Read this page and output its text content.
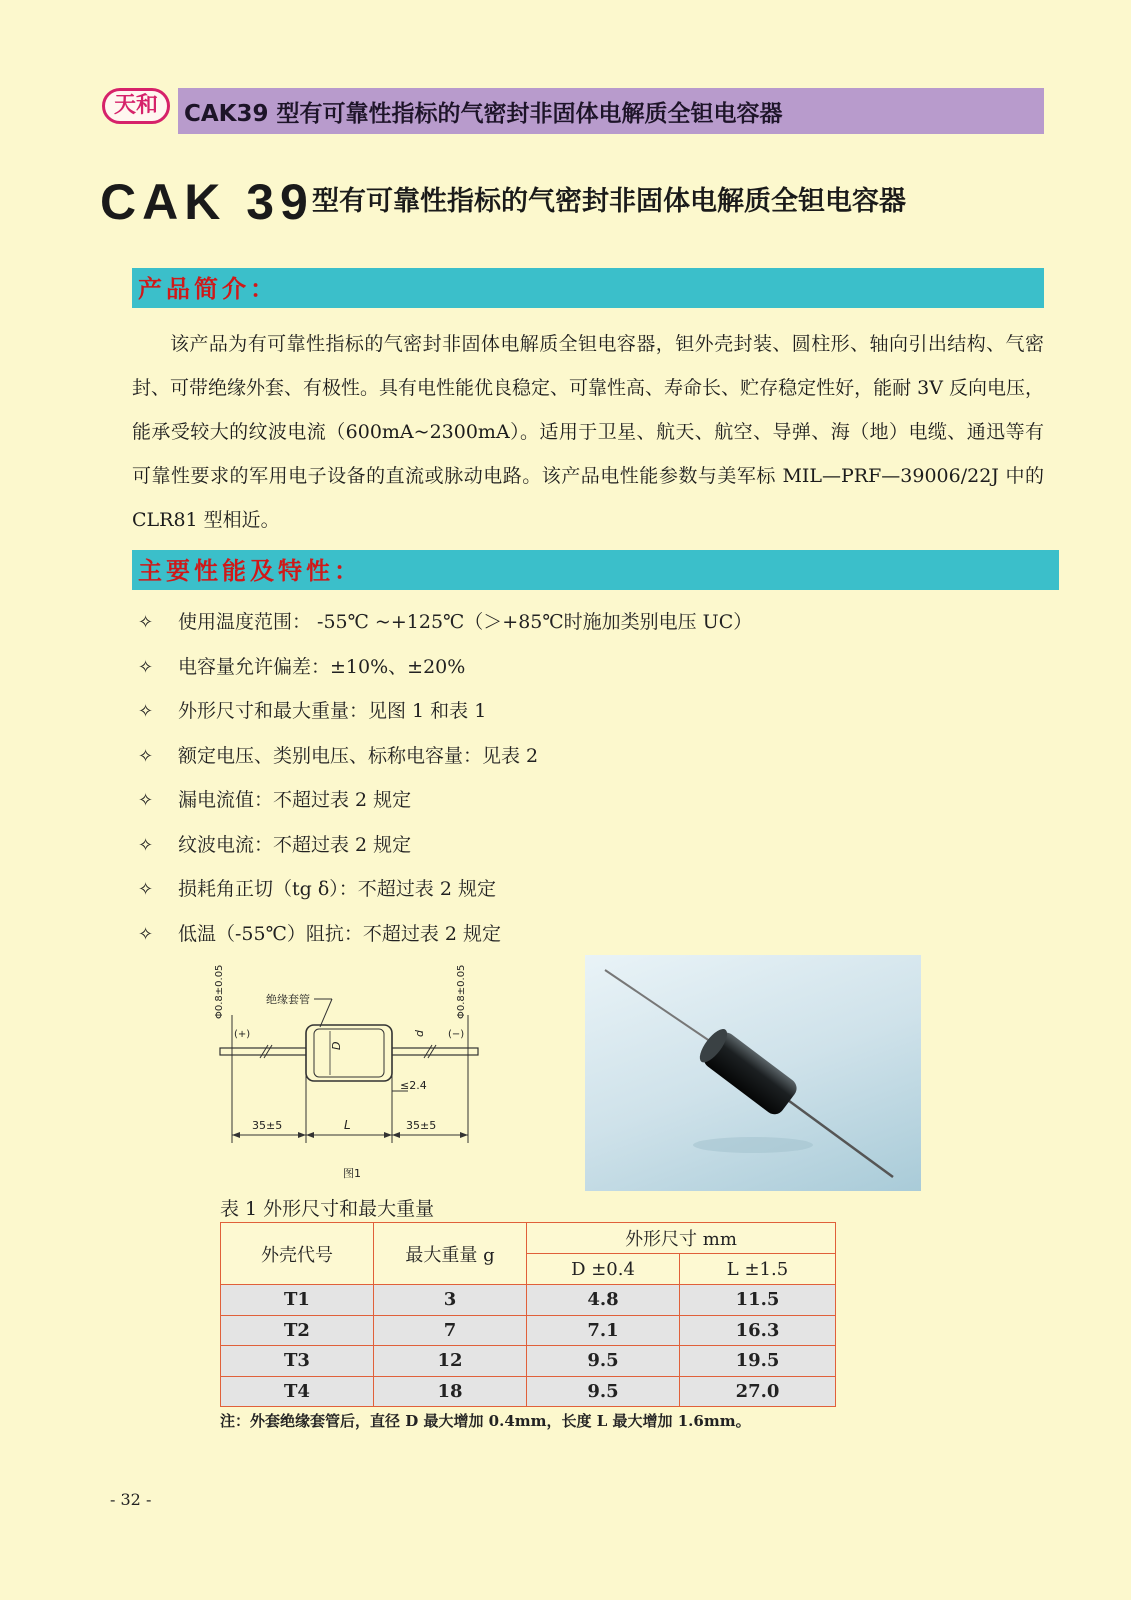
天和	CAK39 型有可靠性指标的气密封非固体电解质全钽电容器
CAK 39
型有可靠性指标的气密封非固体电解质全钽电容器
产品简介：
该产品为有可靠性指标的气密封非固体电解质全钽电容器，钽外壳封装、圆柱形、轴向引出结构、气密封、可带绝缘外套、有极性。具有电性能优良稳定、可靠性高、寿命长、贮存稳定性好，能耐 3V 反向电压，能承受较大的纹波电流（600mA~2300mA）。适用于卫星、航天、航空、导弹、海（地）电缆、通迅等有可靠性要求的军用电子设备的直流或脉动电路。该产品电性能参数与美军标 MIL—PRF—39006/22J 中的 CLR81 型相近。
主要性能及特性：
✧ 使用温度范围： -55℃ ~+125℃（＞+85℃时施加类别电压 UC）
✧ 电容量允许偏差：±10%、±20%
✧ 外形尺寸和最大重量：见图 1 和表 1
✧ 额定电压、类别电压、标称电容量：见表 2
✧ 漏电流值：不超过表 2 规定
✧ 纹波电流：不超过表 2 规定
✧ 损耗角正切（tg δ）：不超过表 2 规定
✧ 低温（-55℃）阻抗：不超过表 2 规定
D
d
Φ0.8±0.05	Φ0.8±0.05
(+)	(−)
绝缘套管
≤2.4
35±5	L	35±5
图1
表 1 外形尺寸和最大重量
外壳代号	最大重量 g	外形尺寸 mm	
		D ±0.4	L ±1.5
T1	3	4.8	11.5
T2	7	7.1	16.3
T3	12	9.5	19.5
T4	18	9.5	27.0
注：外套绝缘套管后，直径 D 最大增加 0.4mm，长度 L 最大增加 1.6mm。
- 32 -
